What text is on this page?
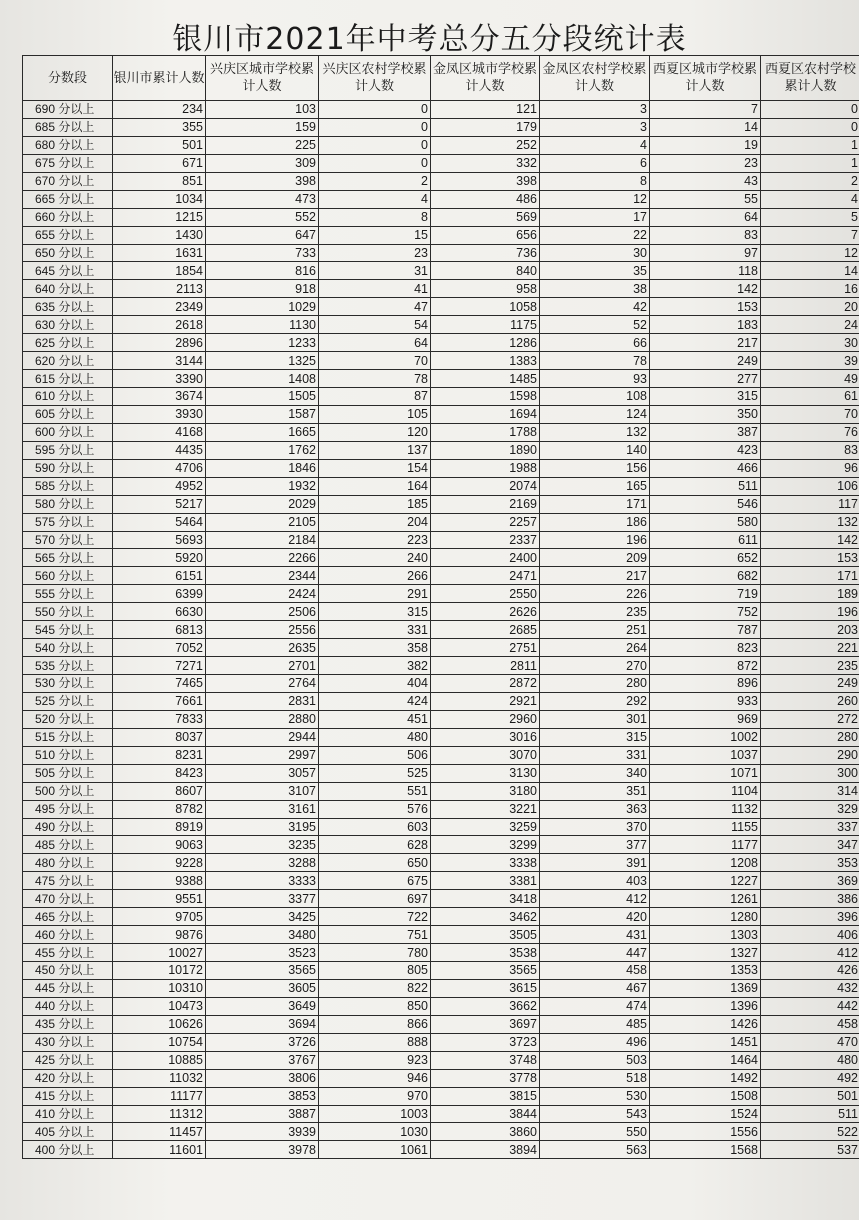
银川市2021年中考总分五分段统计表
分数段	银川市累计人数	兴庆区城市学校累计人数	兴庆区农村学校累计人数	金凤区城市学校累计人数	金凤区农村学校累计人数	西夏区城市学校累计人数	西夏区农村学校累计人数
690 分以上	234	103	0	121	3	7	0
685 分以上	355	159	0	179	3	14	0
680 分以上	501	225	0	252	4	19	1
675 分以上	671	309	0	332	6	23	1
670 分以上	851	398	2	398	8	43	2
665 分以上	1034	473	4	486	12	55	4
660 分以上	1215	552	8	569	17	64	5
655 分以上	1430	647	15	656	22	83	7
650 分以上	1631	733	23	736	30	97	12
645 分以上	1854	816	31	840	35	118	14
640 分以上	2113	918	41	958	38	142	16
635 分以上	2349	1029	47	1058	42	153	20
630 分以上	2618	1130	54	1175	52	183	24
625 分以上	2896	1233	64	1286	66	217	30
620 分以上	3144	1325	70	1383	78	249	39
615 分以上	3390	1408	78	1485	93	277	49
610 分以上	3674	1505	87	1598	108	315	61
605 分以上	3930	1587	105	1694	124	350	70
600 分以上	4168	1665	120	1788	132	387	76
595 分以上	4435	1762	137	1890	140	423	83
590 分以上	4706	1846	154	1988	156	466	96
585 分以上	4952	1932	164	2074	165	511	106
580 分以上	5217	2029	185	2169	171	546	117
575 分以上	5464	2105	204	2257	186	580	132
570 分以上	5693	2184	223	2337	196	611	142
565 分以上	5920	2266	240	2400	209	652	153
560 分以上	6151	2344	266	2471	217	682	171
555 分以上	6399	2424	291	2550	226	719	189
550 分以上	6630	2506	315	2626	235	752	196
545 分以上	6813	2556	331	2685	251	787	203
540 分以上	7052	2635	358	2751	264	823	221
535 分以上	7271	2701	382	2811	270	872	235
530 分以上	7465	2764	404	2872	280	896	249
525 分以上	7661	2831	424	2921	292	933	260
520 分以上	7833	2880	451	2960	301	969	272
515 分以上	8037	2944	480	3016	315	1002	280
510 分以上	8231	2997	506	3070	331	1037	290
505 分以上	8423	3057	525	3130	340	1071	300
500 分以上	8607	3107	551	3180	351	1104	314
495 分以上	8782	3161	576	3221	363	1132	329
490 分以上	8919	3195	603	3259	370	1155	337
485 分以上	9063	3235	628	3299	377	1177	347
480 分以上	9228	3288	650	3338	391	1208	353
475 分以上	9388	3333	675	3381	403	1227	369
470 分以上	9551	3377	697	3418	412	1261	386
465 分以上	9705	3425	722	3462	420	1280	396
460 分以上	9876	3480	751	3505	431	1303	406
455 分以上	10027	3523	780	3538	447	1327	412
450 分以上	10172	3565	805	3565	458	1353	426
445 分以上	10310	3605	822	3615	467	1369	432
440 分以上	10473	3649	850	3662	474	1396	442
435 分以上	10626	3694	866	3697	485	1426	458
430 分以上	10754	3726	888	3723	496	1451	470
425 分以上	10885	3767	923	3748	503	1464	480
420 分以上	11032	3806	946	3778	518	1492	492
415 分以上	11177	3853	970	3815	530	1508	501
410 分以上	11312	3887	1003	3844	543	1524	511
405 分以上	11457	3939	1030	3860	550	1556	522
400 分以上	11601	3978	1061	3894	563	1568	537
